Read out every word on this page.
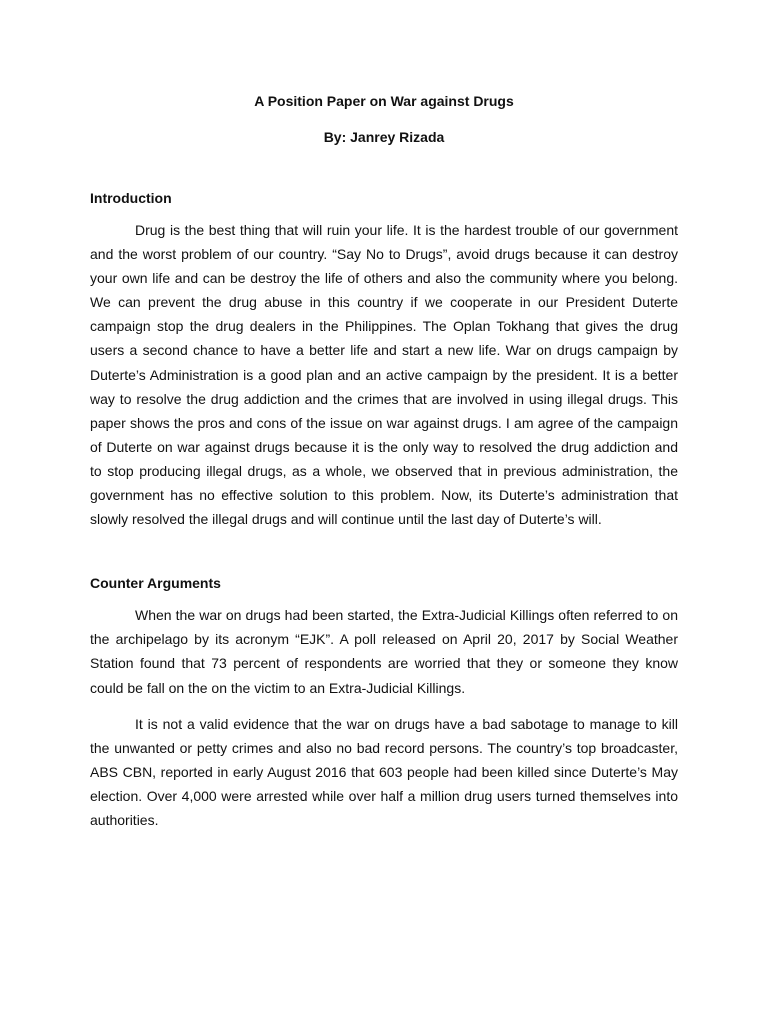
A Position Paper on War against Drugs

By: Janrey Rizada

Introduction

Drug is the best thing that will ruin your life. It is the hardest trouble of our government and the worst problem of our country. “Say No to Drugs”, avoid drugs because it can destroy your own life and can be destroy the life of others and also the community where you belong. We can prevent the drug abuse in this country if we cooperate in our President Duterte campaign stop the drug dealers in the Philippines. The Oplan Tokhang that gives the drug users a second chance to have a better life and start a new life. War on drugs campaign by Duterte’s Administration is a good plan and an active campaign by the president. It is a better way to resolve the drug addiction and the crimes that are involved in using illegal drugs. This paper shows the pros and cons of the issue on war against drugs. I am agree of the campaign of Duterte on war against drugs because it is the only way to resolved the drug addiction and to stop producing illegal drugs, as a whole, we observed that in previous administration, the government has no effective solution to this problem. Now, its Duterte’s administration that slowly resolved the illegal drugs and will continue until the last day of Duterte’s will.

Counter Arguments

When the war on drugs had been started, the Extra-Judicial Killings often referred to on the archipelago by its acronym “EJK”. A poll released on April 20, 2017 by Social Weather Station found that 73 percent of respondents are worried that they or someone they know could be fall on the on the victim to an Extra-Judicial Killings.

It is not a valid evidence that the war on drugs have a bad sabotage to manage to kill the unwanted or petty crimes and also no bad record persons. The country’s top broadcaster, ABS CBN, reported in early August 2016 that 603 people had been killed since Duterte’s May election. Over 4,000 were arrested while over half a million drug users turned themselves into authorities.
